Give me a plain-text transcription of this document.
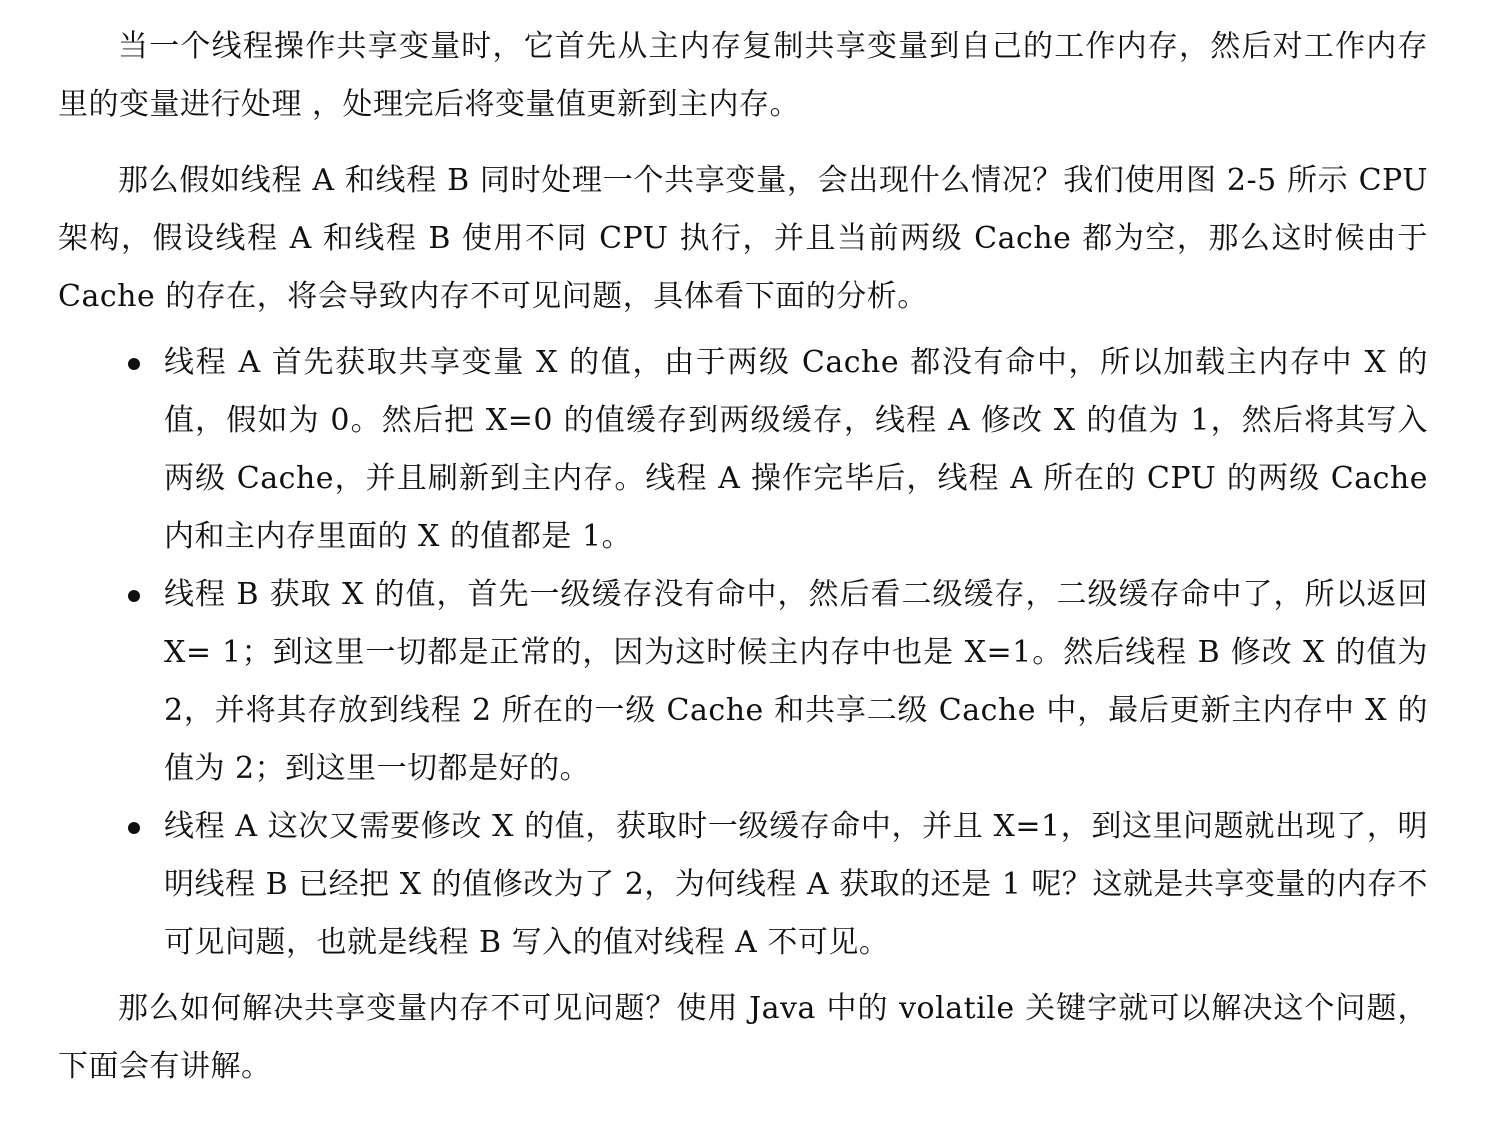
当一个线程操作共享变量时，它首先从主内存复制共享变量到自己的工作内存，然后对工作内存里的变量进行处理 ，处理完后将变量值更新到主内存。

那么假如线程 A 和线程 B 同时处理一个共享变量，会出现什么情况？我们使用图 2-5 所示 CPU 架构，假设线程 A 和线程 B 使用不同 CPU 执行，并且当前两级 Cache 都为空，那么这时候由于 Cache 的存在，将会导致内存不可见问题，具体看下面的分析。

线程 A 首先获取共享变量 X 的值，由于两级 Cache 都没有命中，所以加载主内存中 X 的值，假如为 0。然后把 X=0 的值缓存到两级缓存，线程 A 修改 X 的值为 1，然后将其写入两级 Cache，并且刷新到主内存。线程 A 操作完毕后，线程 A 所在的 CPU 的两级 Cache 内和主内存里面的 X 的值都是 1。
线程 B 获取 X 的值，首先一级缓存没有命中，然后看二级缓存，二级缓存命中了，所以返回 X= 1；到这里一切都是正常的，因为这时候主内存中也是 X=1。然后线程 B 修改 X 的值为 2，并将其存放到线程 2 所在的一级 Cache 和共享二级 Cache 中，最后更新主内存中 X 的值为 2；到这里一切都是好的。
线程 A 这次又需要修改 X 的值，获取时一级缓存命中，并且 X=1，到这里问题就出现了，明明线程 B 已经把 X 的值修改为了 2，为何线程 A 获取的还是 1 呢？这就是共享变量的内存不可见问题，也就是线程 B 写入的值对线程 A 不可见。

那么如何解决共享变量内存不可见问题？使用 Java 中的 volatile 关键字就可以解决这个问题，下面会有讲解。
